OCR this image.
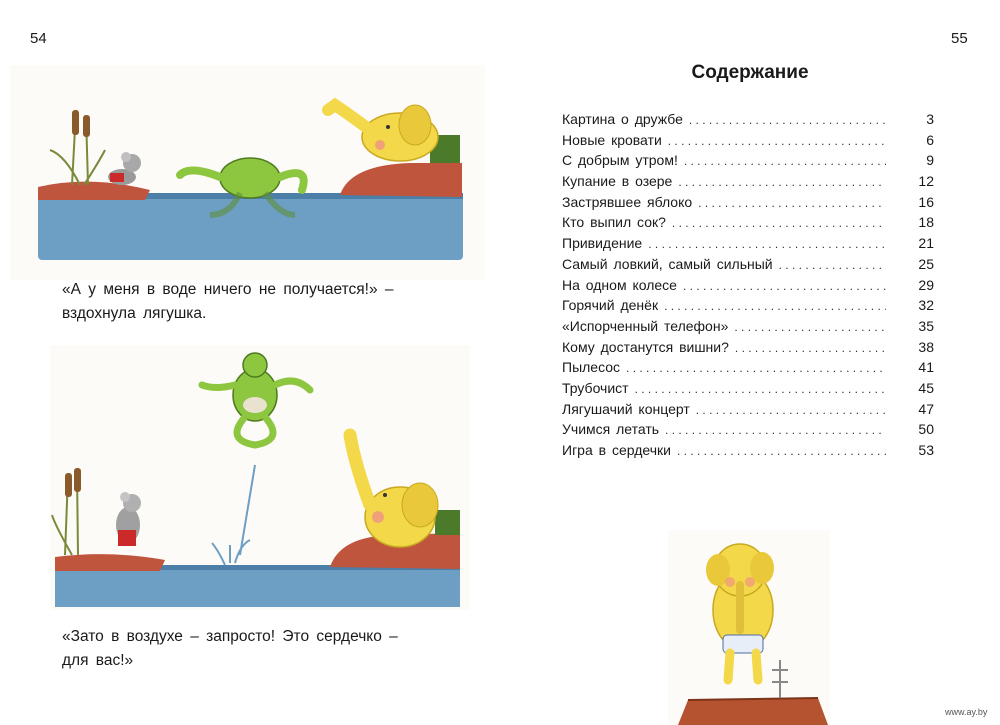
54	55
«А у меня в воде ничего не получается!» – вздохнула лягушка.
«Зато в воздухе – запросто! Это сердечко – для вас!»
Содержание
Картина о дружбе . . .	3
Новые кровати . . .	6
С добрым утром! . . .	9
Купание в озере . . .	12
Застрявшее яблоко . . .	16
Кто выпил сок? . . .	18
Привидение . . .	21
Самый ловкий, самый сильный . . .	25
На одном колесе . . .	29
Горячий денёк . . .	32
«Испорченный телефон» . . .	35
Кому достанутся вишни? . . .	38
Пылесос . . .	41
Трубочист . . .	45
Лягушачий концерт . . .	47
Учимся летать . . .	50
Игра в сердечки . . .	53
www.ay.by
